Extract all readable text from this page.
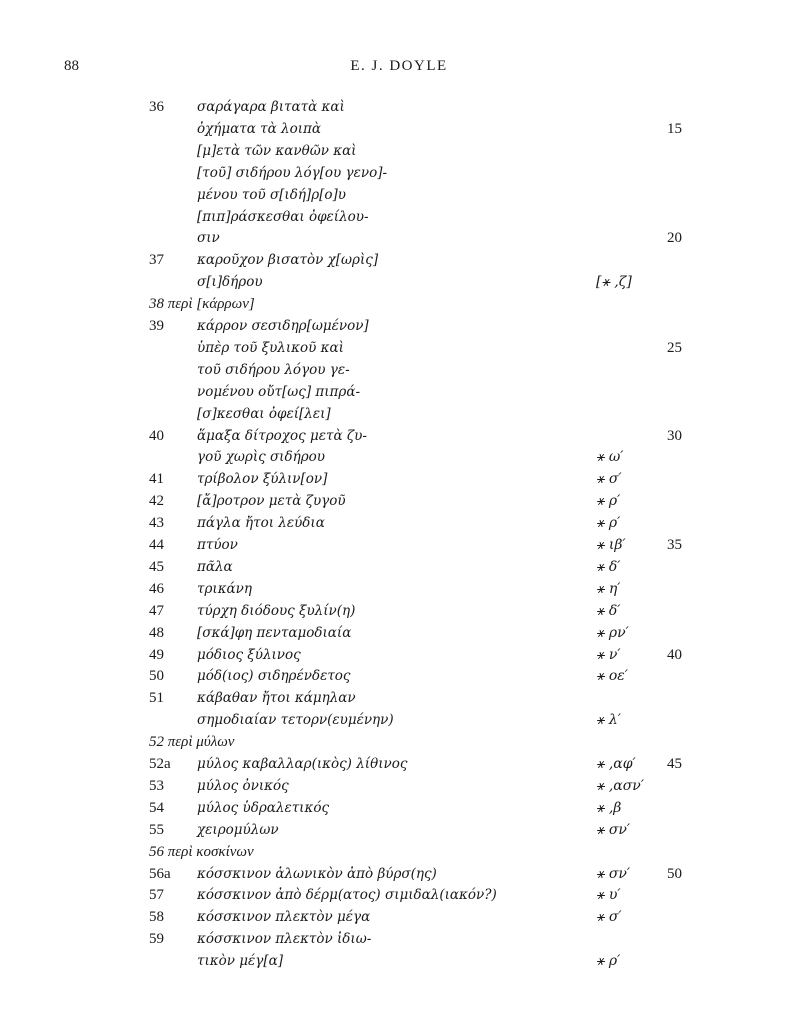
88	E. J. DOYLE
36 σαράγαρα βιτατὰ καὶ
ὀχήματα τὰ λοιπὰ	15
[μ]ετὰ τῶν κανθῶν καὶ
[τοῦ] σιδήρου λόγ[ου γενο]-
μένου τοῦ σ[ιδή]ρ[ο]υ
[πιπ]ράσκεσθαι ὀφείλου-
σιν	20
37 καροῦχον βισατὸν χ[ωρὶς]
σ[ι]δήρου	[⚹ ,ζ]
38 περὶ [κάρρων]
39 κάρρον σεσιδηρ[ωμένον]
ὑπὲρ τοῦ ξυλικοῦ καὶ	25
τοῦ σιδήρου λόγου γε-
νομένου οὔτ[ως] πιπρά-
[σ]κεσθαι ὀφεί[λει]
40 ἅμαξα δίτροχος μετὰ ζυ-	30
γοῦ χωρὶς σιδήρου	⚹ ω′
41 τρίβολον ξύλιν[ον]	⚹ σ′
42 [ἄ]ροτρον μετὰ ζυγοῦ	⚹ ρ′
43 πάγλα ἤτοι λεύδια	⚹ ρ′
44 πτύον	⚹ ιβ′	35
45 πᾶλα	⚹ δ′
46 τρικάνη	⚹ η′
47 τύρχη διόδους ξυλίν(η)	⚹ δ′
48 [σκά]φη πενταμοδιαία	⚹ ρν′
49 μόδιος ξύλινος	⚹ ν′	40
50 μόδ(ιος) σιδηρένδετος	⚹ οε′
51 κάβαθαν ἤτοι κάμηλαν
σημοδιαίαν τετορν(ευμένην)	⚹ λ′
52 περὶ μύλων
52a μύλος καβαλλαρ(ικὸς) λίθινος	⚹ ,αφ′ 45
53 μύλος ὀνικός	⚹ ,ασν′
54 μύλος ὑδραλετικός	⚹ ,β
55 χειρομύλων	⚹ σν′
56 περὶ κοσκίνων
56a κόσσκινον ἁλωνικὸν ἀπὸ βύρσ(ης)	⚹ σν′ 50
57 κόσσκινον ἀπὸ δέρμ(ατος) σιμιδαλ(ιακόν?)	⚹ υ′
58 κόσσκινον πλεκτὸν μέγα	⚹ σ′
59 κόσσκινον πλεκτὸν ἰδιω-
τικὸν μέγ[α]	⚹ ρ′
